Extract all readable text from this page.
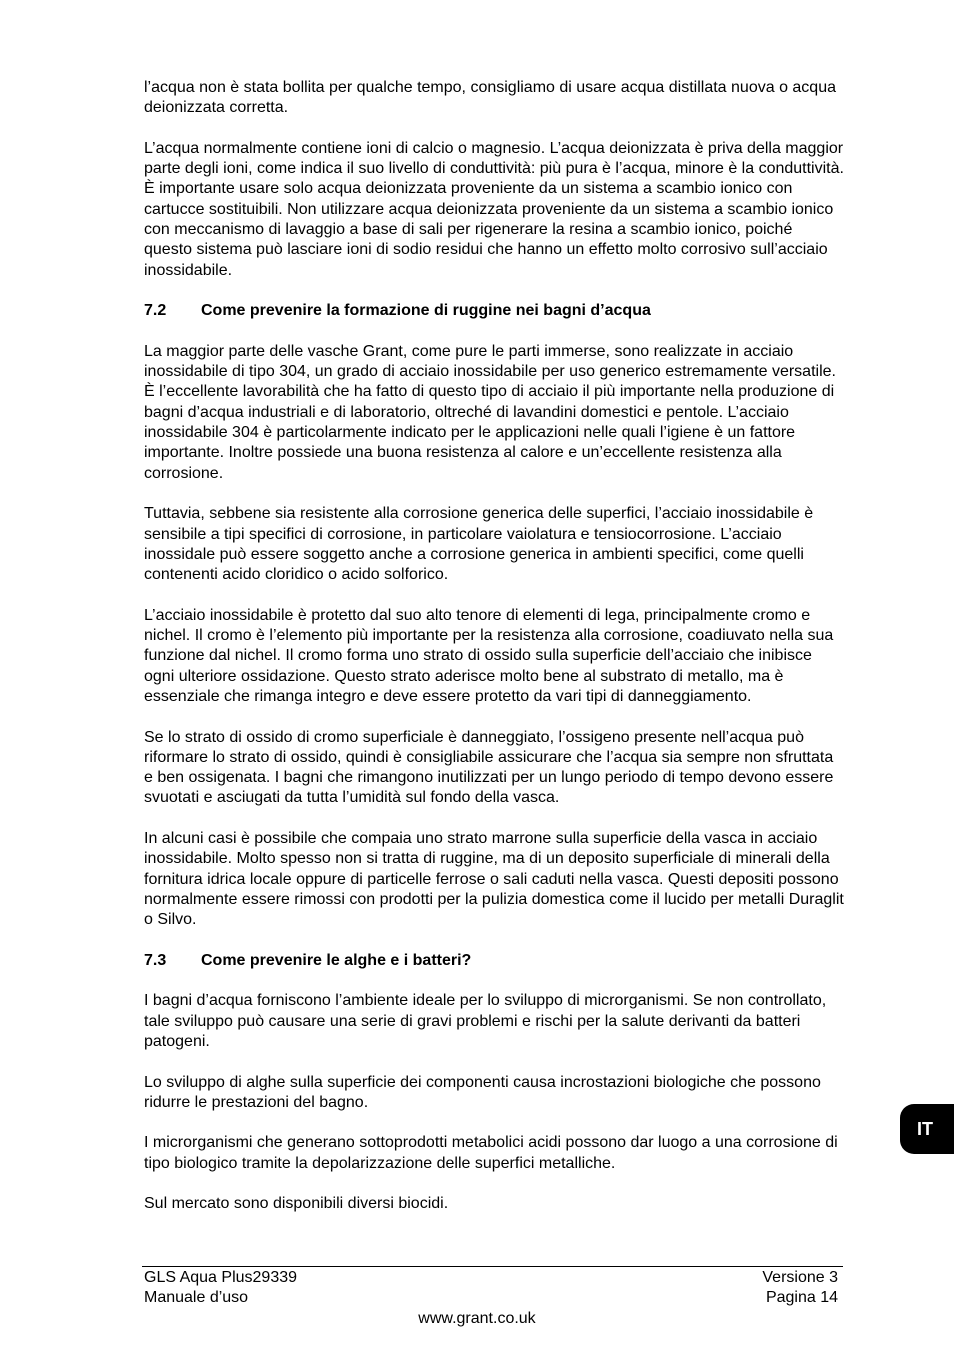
l’acqua non è stata bollita per qualche tempo, consigliamo di usare acqua distillata nuova o acqua deionizzata corretta.

L’acqua normalmente contiene ioni di calcio o magnesio. L’acqua deionizzata è priva della maggior parte degli ioni, come indica il suo livello di conduttività: più pura è l’acqua, minore è la conduttività. È importante usare solo acqua deionizzata proveniente da un sistema a scambio ionico con cartucce sostituibili. Non utilizzare acqua deionizzata proveniente da un sistema a scambio ionico con meccanismo di lavaggio a base di sali per rigenerare la resina a scambio ionico, poiché questo sistema può lasciare ioni di sodio residui che hanno un effetto molto corrosivo sull’acciaio inossidabile.

7.2	Come prevenire la formazione di ruggine nei bagni d’acqua

La maggior parte delle vasche Grant, come pure le parti immerse, sono realizzate in acciaio inossidabile di tipo 304, un grado di acciaio inossidabile per uso generico estremamente versatile. È l’eccellente lavorabilità che ha fatto di questo tipo di acciaio il più importante nella produzione di bagni d’acqua industriali e di laboratorio, oltreché di lavandini domestici e pentole. L’acciaio inossidabile 304 è particolarmente indicato per le applicazioni nelle quali l’igiene è un fattore importante. Inoltre possiede una buona resistenza al calore e un’eccellente resistenza alla corrosione.

Tuttavia, sebbene sia resistente alla corrosione generica delle superfici, l’acciaio inossidabile è sensibile a tipi specifici di corrosione, in particolare vaiolatura e tensiocorrosione. L’acciaio inossidale può essere soggetto anche a corrosione generica in ambienti specifici, come quelli contenenti acido cloridico o acido solforico.

L’acciaio inossidabile è protetto dal suo alto tenore di elementi di lega, principalmente cromo e nichel. Il cromo è l’elemento più importante per la resistenza alla corrosione, coadiuvato nella sua funzione dal nichel. Il cromo forma uno strato di ossido sulla superficie dell’acciaio che inibisce ogni ulteriore ossidazione. Questo strato aderisce molto bene al substrato di metallo, ma è essenziale che rimanga integro e deve essere protetto da vari tipi di danneggiamento.

Se lo strato di ossido di cromo superficiale è danneggiato, l’ossigeno presente nell’acqua può riformare lo strato di ossido, quindi è consigliabile assicurare che l’acqua sia sempre non sfruttata e ben ossigenata. I bagni che rimangono inutilizzati per un lungo periodo di tempo devono essere svuotati e asciugati da tutta l’umidità sul fondo della vasca.

In alcuni casi è possibile che compaia uno strato marrone sulla superficie della vasca in acciaio inossidabile. Molto spesso non si tratta di ruggine, ma di un deposito superficiale di minerali della fornitura idrica locale oppure di particelle ferrose o sali caduti nella vasca. Questi depositi possono normalmente essere rimossi con prodotti per la pulizia domestica come il lucido per metalli Duraglit o Silvo.

7.3	Come prevenire le alghe e i batteri?

I bagni d’acqua forniscono l’ambiente ideale per lo sviluppo di microrganismi. Se non controllato, tale sviluppo può causare una serie di gravi problemi e rischi per la salute derivanti da batteri patogeni.

Lo sviluppo di alghe sulla superficie dei componenti causa incrostazioni biologiche che possono ridurre le prestazioni del bagno.

I microrganismi che generano sottoprodotti metabolici acidi possono dar luogo a una corrosione di tipo biologico tramite la depolarizzazione delle superfici metalliche.

Sul mercato sono disponibili diversi biocidi.

IT
GLS Aqua Plus29339	Versione 3
Manuale d’uso	Pagina 14
www.grant.co.uk
